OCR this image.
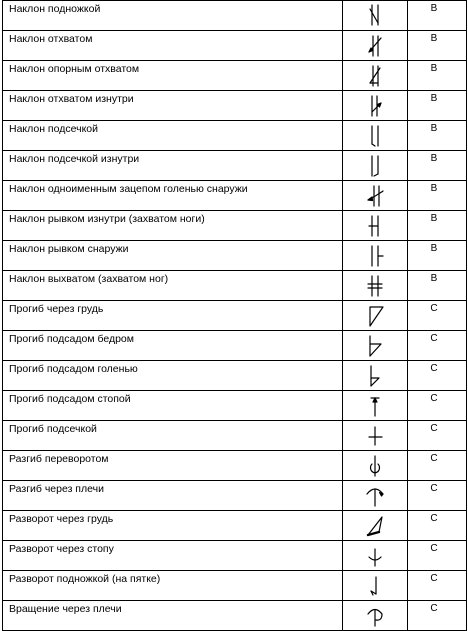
Наклон подножкой		B
Наклон отхватом		B
Наклон опорным отхватом		B
Наклон отхватом изнутри		B
Наклон подсечкой		B
Наклон подсечкой изнутри		B
Наклон одноименным зацепом голенью снаружи		B
Наклон рывком изнутри (захватом ноги)		B
Наклон рывком снаружи		B
Наклон выхватом (захватом ног)		B
Прогиб через грудь		С
Прогиб подсадом бедром		С
Прогиб подсадом голенью		С
Прогиб подсадом стопой		С
Прогиб подсечкой		С
Разгиб переворотом		С
Разгиб через плечи		С
Разворот через грудь		С
Разворот через стопу		С
Разворот подножкой (на пятке)		С
Вращение через плечи		С
